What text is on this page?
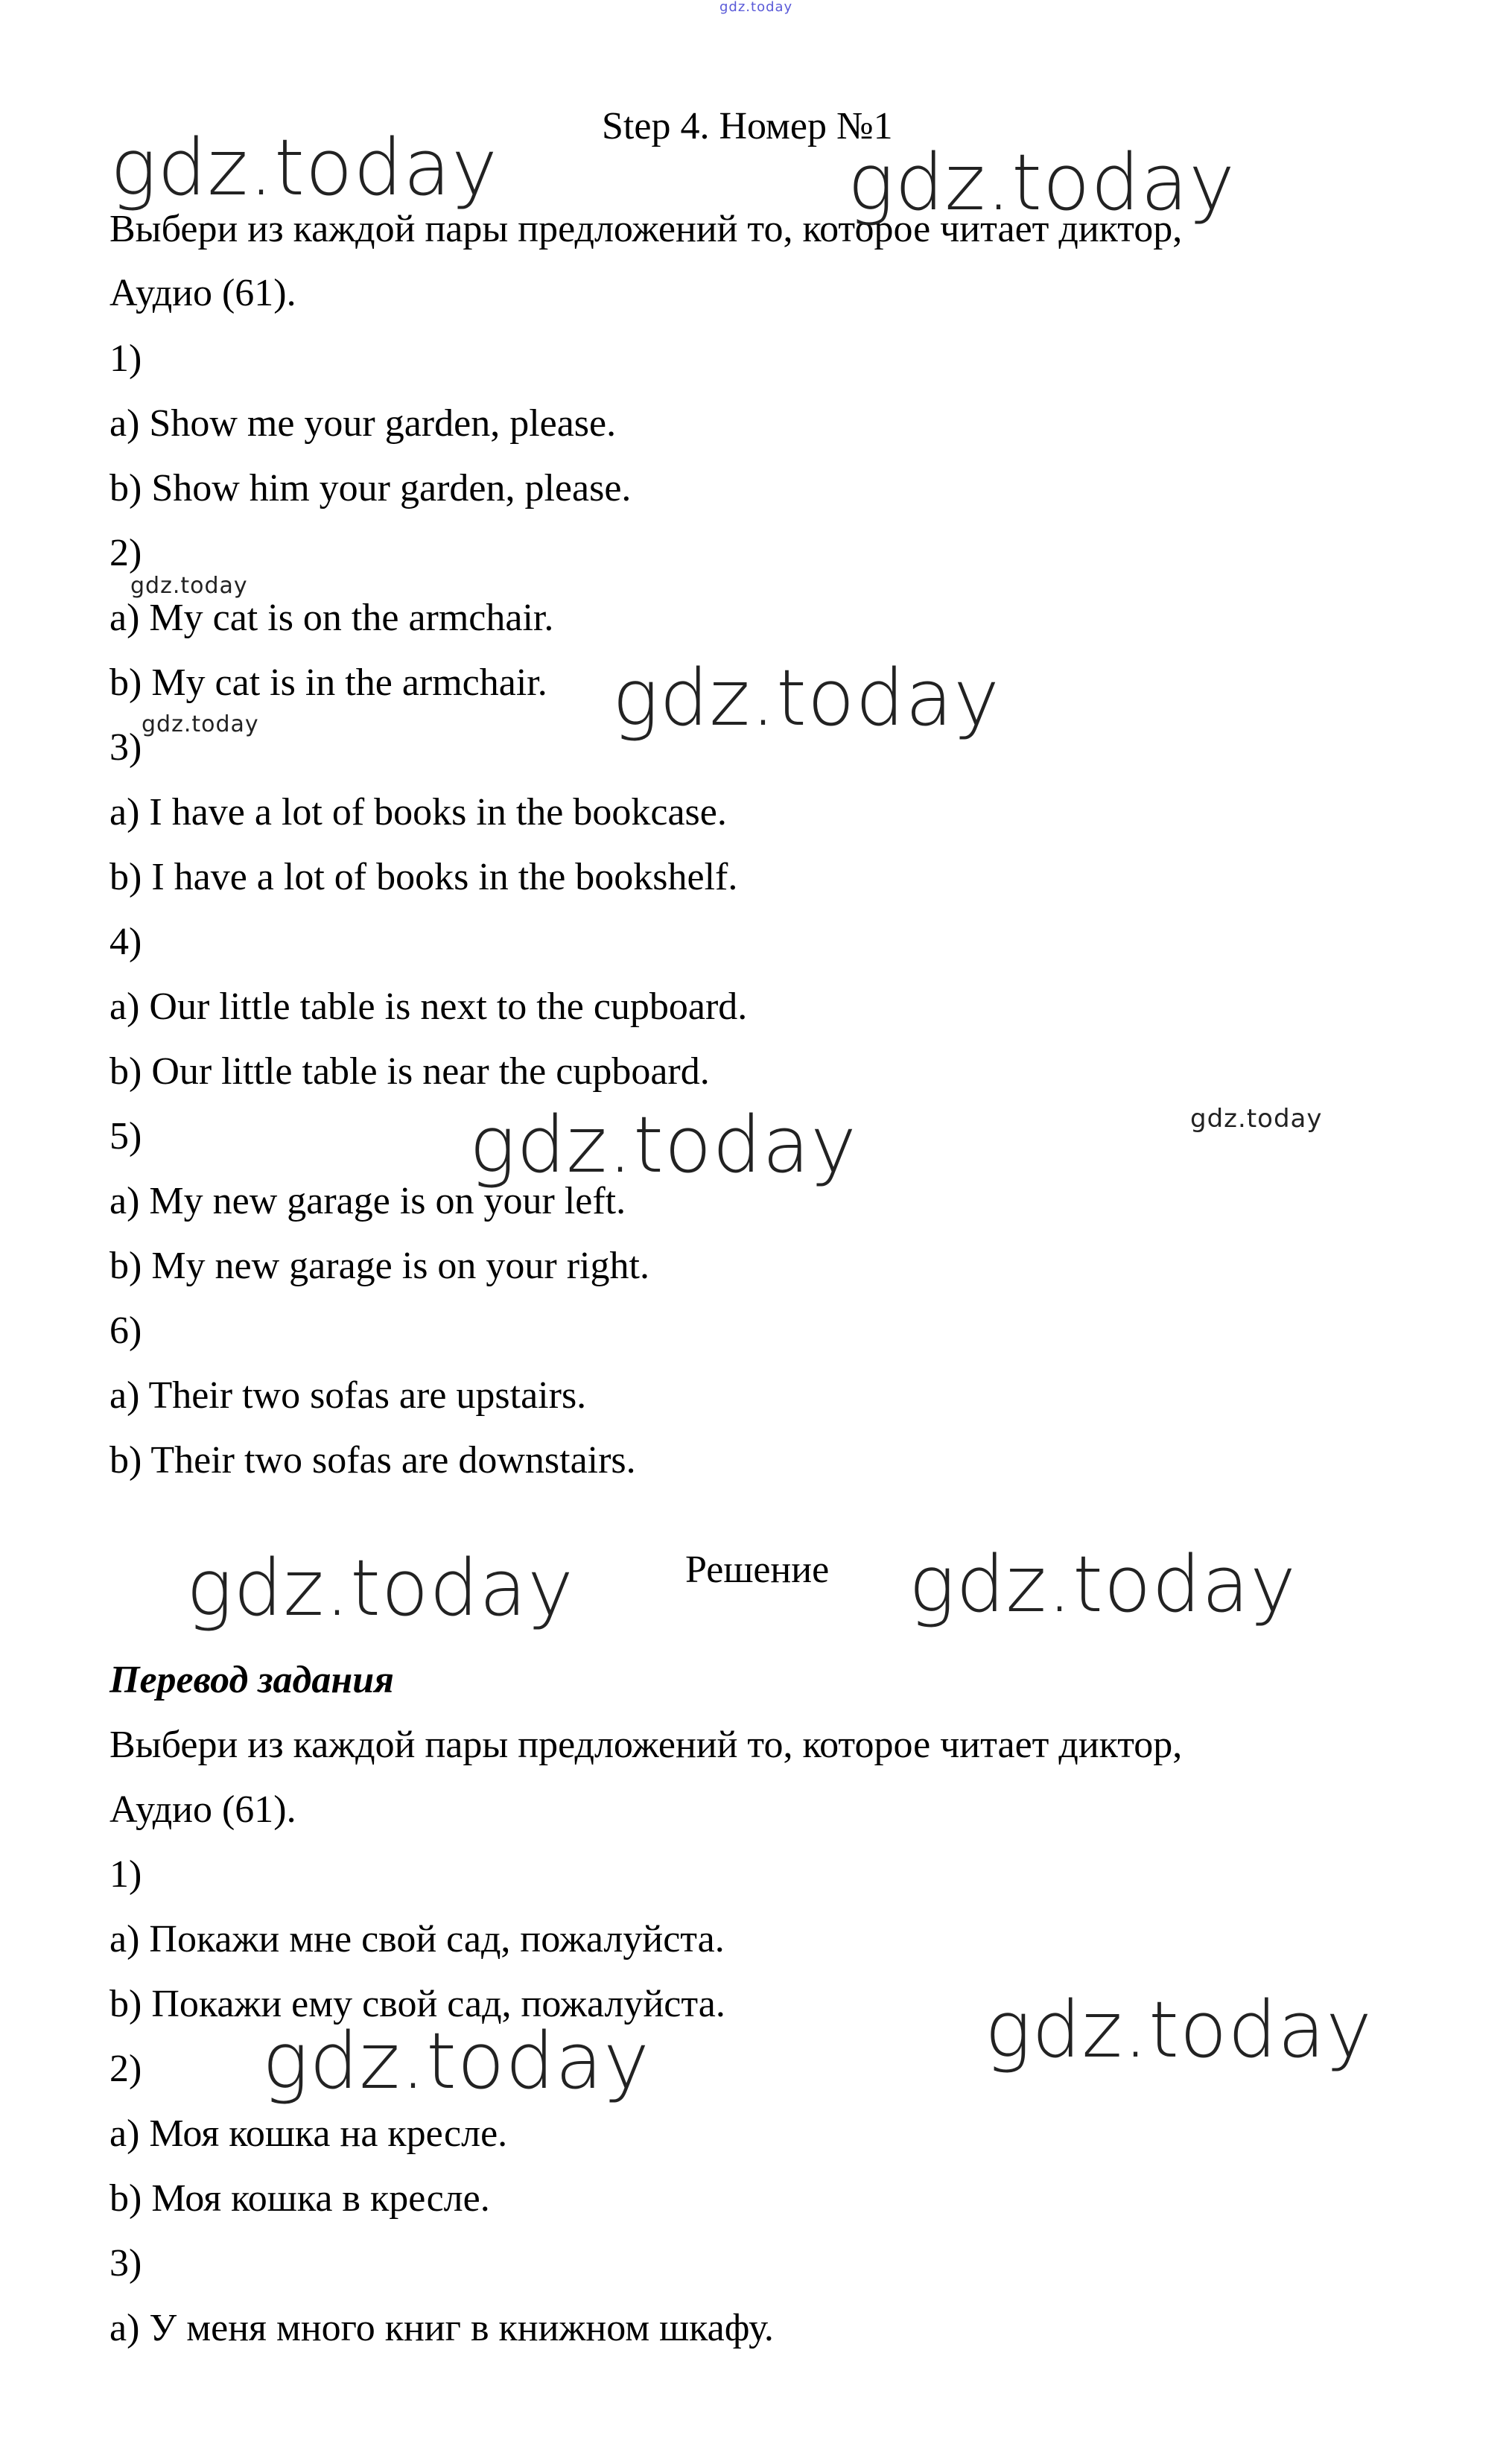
gdz.today
Step 4. Номер №1
Выбери из каждой пары предложений то, которое читает диктор,
Аудио (61).
1)
a) Show me your garden, please.
b) Show him your garden, please.
2)
a) My cat is on the armchair.
b) My cat is in the armchair.
3)
a) I have a lot of books in the bookcase.
b) I have a lot of books in the bookshelf.
4)
a) Our little table is next to the cupboard.
b) Our little table is near the cupboard.
5)
a) My new garage is on your left.
b) My new garage is on your right.
6)
a) Their two sofas are upstairs.
b) Their two sofas are downstairs.
Решение
Перевод задания
Выбери из каждой пары предложений то, которое читает диктор,
Аудио (61).
1)
а) Покажи мне свой сад, пожалуйста.
b) Покажи ему свой сад, пожалуйста.
2)
а) Моя кошка на кресле.
b) Моя кошка в кресле.
3)
а) У меня много книг в книжном шкафу.
gdz.today	gdz.today
gdz.today
gdz.today
gdz.today
gdz.today	gdz.today
gdz.today	gdz.today
gdz.today
gdz.today
